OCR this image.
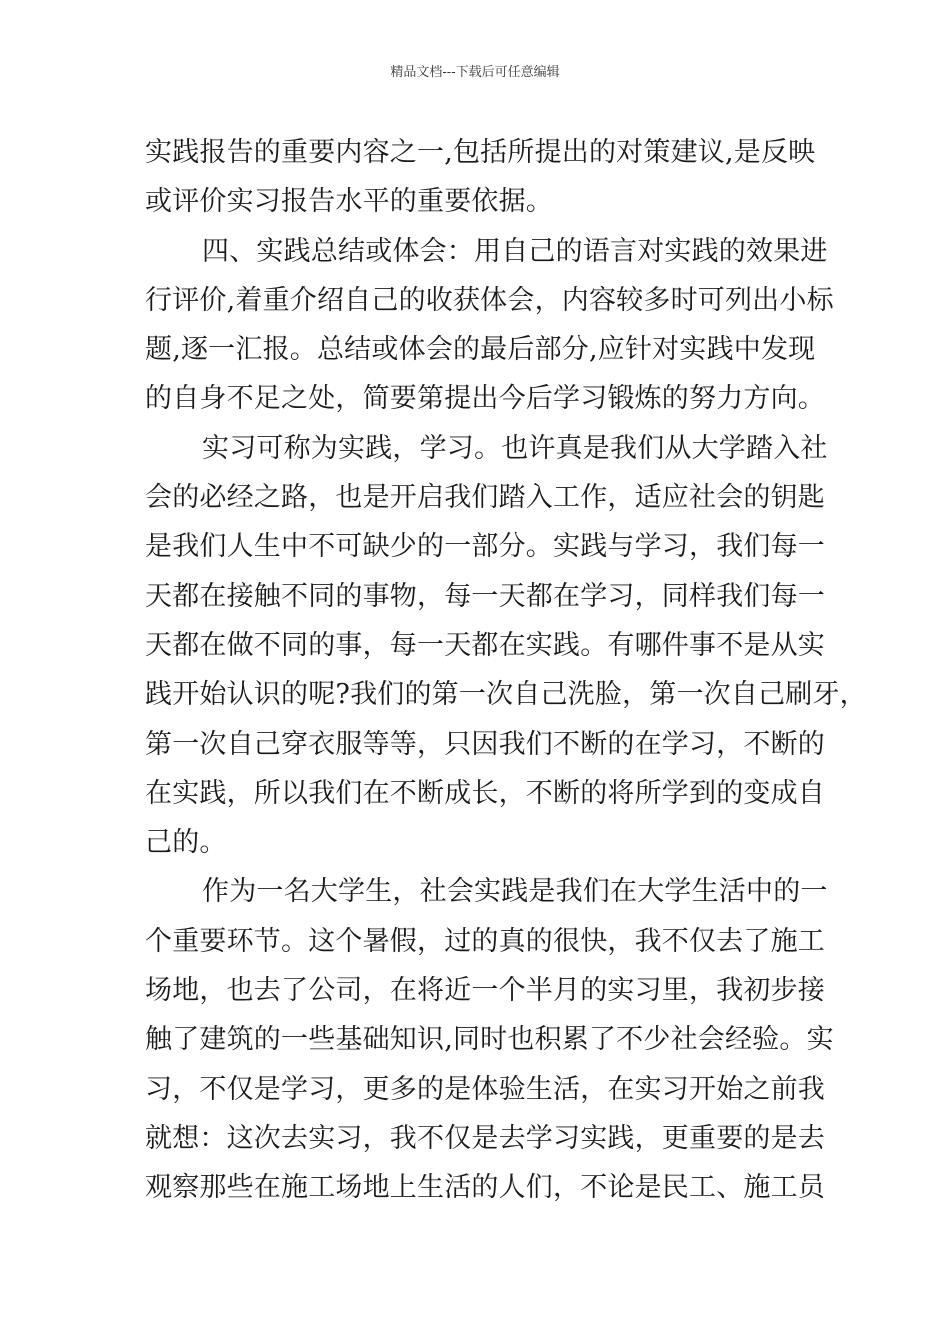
精品文档---下载后可任意编辑
实践报告的重要内容之一,包括所提出的对策建议,是反映
或评价实习报告水平的重要依据。
四、实践总结或体会：用自己的语言对实践的效果进
行评价,着重介绍自己的收获体会，内容较多时可列出小标
题,逐一汇报。总结或体会的最后部分,应针对实践中发现
的自身不足之处，简要第提出今后学习锻炼的努力方向。
实习可称为实践，学习。也许真是我们从大学踏入社
会的必经之路，也是开启我们踏入工作，适应社会的钥匙
是我们人生中不可缺少的一部分。实践与学习，我们每一
天都在接触不同的事物，每一天都在学习，同样我们每一
天都在做不同的事，每一天都在实践。有哪件事不是从实
践开始认识的呢?我们的第一次自己洗脸，第一次自己刷牙，
第一次自己穿衣服等等，只因我们不断的在学习，不断的
在实践，所以我们在不断成长，不断的将所学到的变成自
己的。
作为一名大学生，社会实践是我们在大学生活中的一
个重要环节。这个暑假，过的真的很快，我不仅去了施工
场地，也去了公司，在将近一个半月的实习里，我初步接
触了建筑的一些基础知识,同时也积累了不少社会经验。实
习，不仅是学习，更多的是体验生活，在实习开始之前我
就想：这次去实习，我不仅是去学习实践，更重要的是去
观察那些在施工场地上生活的人们，不论是民工、施工员
